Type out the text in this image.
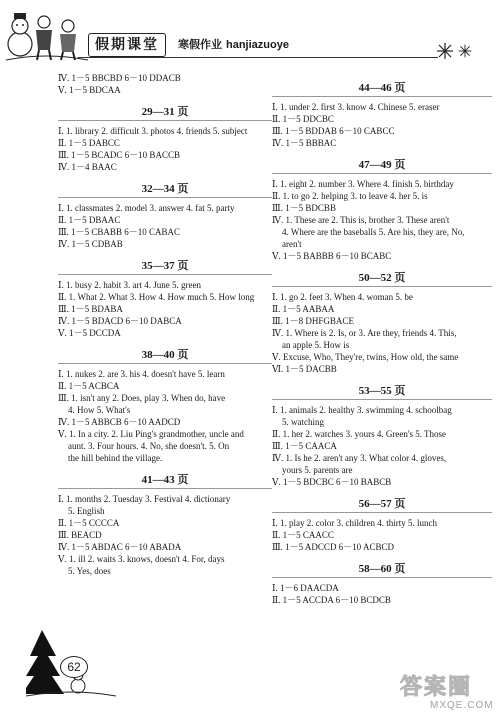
假期课堂	寒假作业 hanjiazuoye
Ⅳ. 1－5 BBCBD 6－10 DDACB
Ⅴ. 1－5 BDCAA
29—31 页
Ⅰ. 1. library 2. difficult 3. photos 4. friends 5. subject
Ⅱ. 1－5 DABCC
Ⅲ. 1－5 BCADC 6－10 BACCB
Ⅳ. 1－4 BAAC
32—34 页
Ⅰ. 1. classmates 2. model 3. answer 4. fat 5. party
Ⅱ. 1－5 DBAAC
Ⅲ. 1－5 CBABB 6－10 CABAC
Ⅳ. 1－5 CDBAB
35—37 页
Ⅰ. 1. busy 2. habit 3. art 4. June 5. green
Ⅱ. 1. What 2. What 3. How 4. How much 5. How long
Ⅲ. 1－5 BDABA
Ⅳ. 1－5 BDACD 6－10 DABCA
Ⅴ. 1－5 DCCDA
38—40 页
Ⅰ. 1. nukes 2. are 3. his 4. doesn't have 5. learn
Ⅱ. 1－5 ACBCA
Ⅲ. 1. isn't any 2. Does, play 3. When do, have
4. How 5. What's
Ⅳ. 1－5 ABBCB 6－10 AADCD
Ⅴ. 1. In a city. 2. Liu Ping's grandmother, uncle and
aunt. 3. Four hours. 4. No, she doesn't. 5. On
the hill behind the village.
41—43 页
Ⅰ. 1. months 2. Tuesday 3. Festival 4. dictionary
5. English
Ⅱ. 1－5 CCCCA
Ⅲ. BEACD
Ⅳ. 1－5 ABDAC 6－10 ABADA
Ⅴ. 1. ill 2. waits 3. knows, doesn't 4. For, days
5. Yes, does
44—46 页
Ⅰ. 1. under 2. first 3. know 4. Chinese 5. eraser
Ⅱ. 1－5 DDCBC
Ⅲ. 1－5 BDDAB 6－10 CABCC
Ⅳ. 1－5 BBBAC
47—49 页
Ⅰ. 1. eight 2. number 3. Where 4. finish 5. birthday
Ⅱ. 1. to go 2. helping 3. to leave 4. her 5. is
Ⅲ. 1－5 BDCBB
Ⅳ. 1. These are 2. This is, brother 3. These aren't
4. Where are the baseballs 5. Are his, they are, No,
aren't
Ⅴ. 1－5 BABBB 6－10 BCABC
50—52 页
Ⅰ. 1. go 2. feet 3. When 4. woman 5. be
Ⅱ. 1－5 AABAA
Ⅲ. 1－8 DHFGBACE
Ⅳ. 1. Where is 2. Is, or 3. Are they, friends 4. This,
an apple 5. How is
Ⅴ. Excuse, Who, They're, twins, How old, the same
Ⅵ. 1－5 DACBB
53—55 页
Ⅰ. 1. animals 2. healthy 3. swimming 4. schoolbag
5. watching
Ⅱ. 1. her 2. watches 3. yours 4. Green's 5. Those
Ⅲ. 1－5 CAACA
Ⅳ. 1. Is he 2. aren't any 3. What color 4. gloves,
yours 5. parents are
Ⅴ. 1－5 BDCBC 6－10 BABCB
56—57 页
Ⅰ. 1. play 2. color 3. children 4. thirty 5. lunch
Ⅱ. 1－5 CAACC
Ⅲ. 1－5 ADCCD 6－10 ACBCD
58—60 页
Ⅰ. 1－6 DAACDA
Ⅱ. 1－5 ACCDA 6－10 BCDCB
62
答案圈
MXQE.COM
